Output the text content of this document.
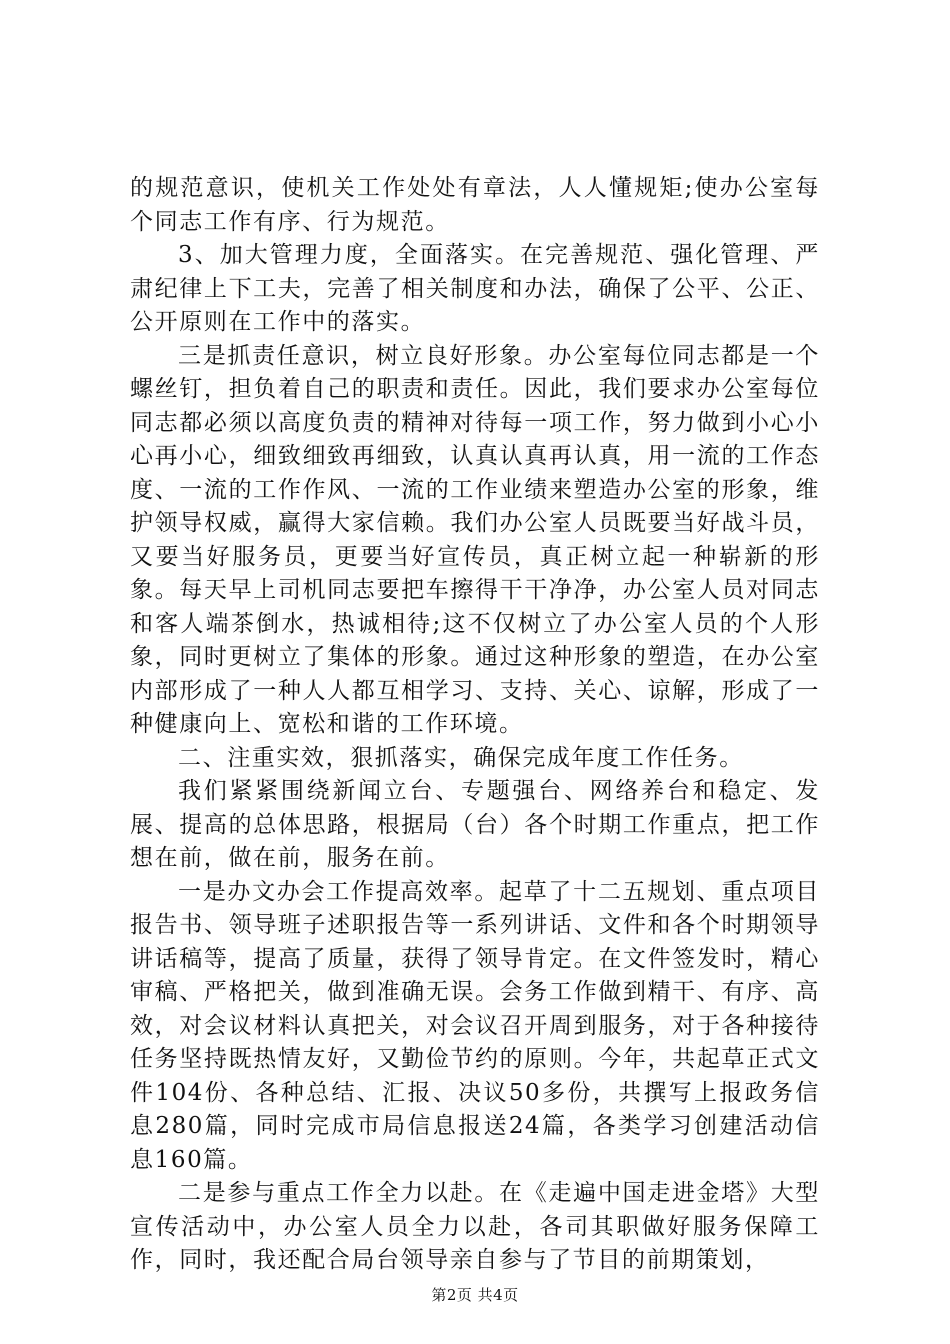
的规范意识，使机关工作处处有章法，人人懂规矩;使办公室每个同志工作有序、行为规范。

3、加大管理力度，全面落实。在完善规范、强化管理、严肃纪律上下工夫，完善了相关制度和办法，确保了公平、公正、公开原则在工作中的落实。

三是抓责任意识，树立良好形象。办公室每位同志都是一个螺丝钉，担负着自己的职责和责任。因此，我们要求办公室每位同志都必须以高度负责的精神对待每一项工作，努力做到小心小心再小心，细致细致再细致，认真认真再认真，用一流的工作态度、一流的工作作风、一流的工作业绩来塑造办公室的形象，维护领导权威，赢得大家信赖。我们办公室人员既要当好战斗员，又要当好服务员，更要当好宣传员，真正树立起一种崭新的形象。每天早上司机同志要把车擦得干干净净，办公室人员对同志和客人端茶倒水，热诚相待;这不仅树立了办公室人员的个人形象，同时更树立了集体的形象。通过这种形象的塑造，在办公室内部形成了一种人人都互相学习、支持、关心、谅解，形成了一种健康向上、宽松和谐的工作环境。

二、注重实效，狠抓落实，确保完成年度工作任务。

我们紧紧围绕新闻立台、专题强台、网络养台和稳定、发展、提高的总体思路，根据局（台）各个时期工作重点，把工作想在前，做在前，服务在前。

一是办文办会工作提高效率。起草了十二五规划、重点项目报告书、领导班子述职报告等一系列讲话、文件和各个时期领导讲话稿等，提高了质量，获得了领导肯定。在文件签发时，精心审稿、严格把关，做到准确无误。会务工作做到精干、有序、高效，对会议材料认真把关，对会议召开周到服务，对于各种接待任务坚持既热情友好，又勤俭节约的原则。今年，共起草正式文件104份、各种总结、汇报、决议50多份，共撰写上报政务信息280篇，同时完成市局信息报送24篇，各类学习创建活动信息160篇。

二是参与重点工作全力以赴。在《走遍中国走进金塔》大型宣传活动中，办公室人员全力以赴，各司其职做好服务保障工作，同时，我还配合局台领导亲自参与了节目的前期策划，

第2页 共4页
